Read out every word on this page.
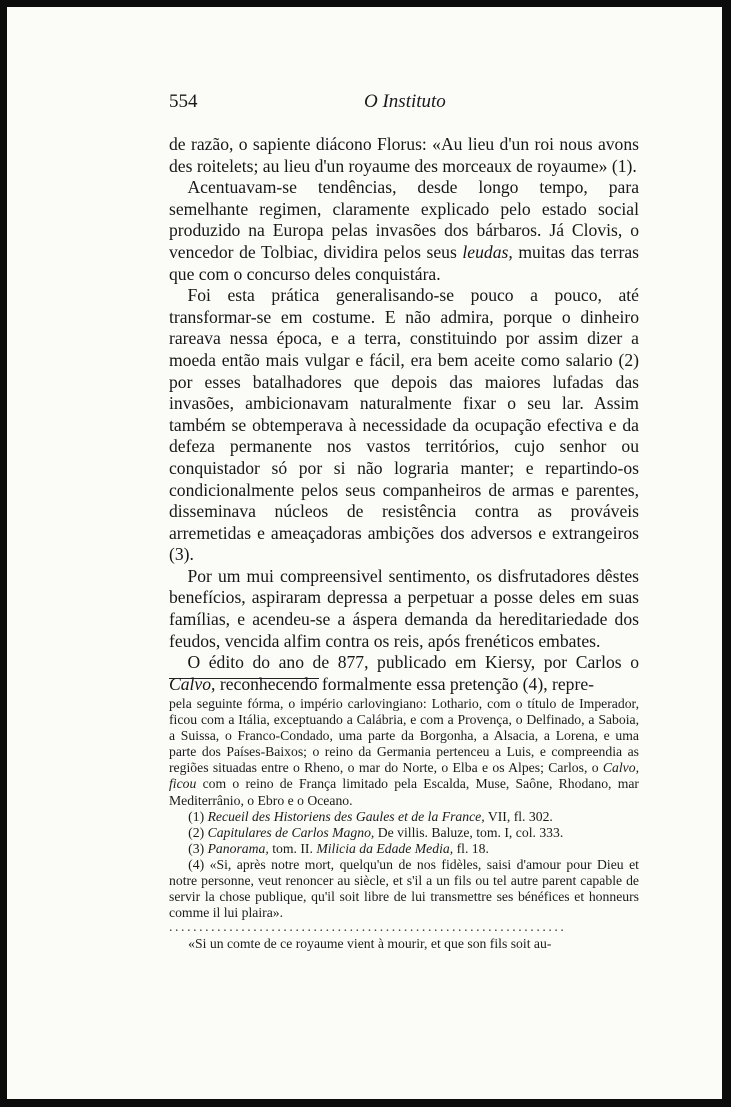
554	O Instituto

de razão, o sapiente diácono Florus: «Au lieu d'un roi nous avons des roitelets; au lieu d'un royaume des morceaux de royaume» (1).

Acentuavam-se tendências, desde longo tempo, para semelhante regimen, claramente explicado pelo estado social produzido na Europa pelas invasões dos bárbaros. Já Clovis, o vencedor de Tolbiac, dividira pelos seus leudas, muitas das terras que com o concurso deles conquistára.

Foi esta prática generalisando-se pouco a pouco, até transformar-se em costume. E não admira, porque o dinheiro rareava nessa época, e a terra, constituindo por assim dizer a moeda então mais vulgar e fácil, era bem aceite como salario (2) por esses batalhadores que depois das maiores lufadas das invasões, ambicionavam naturalmente fixar o seu lar. Assim também se obtemperava à necessidade da ocupação efectiva e da defeza permanente nos vastos territórios, cujo senhor ou conquistador só por si não lograria manter; e repartindo-os condicionalmente pelos seus companheiros de armas e parentes, disseminava núcleos de resistência contra as prováveis arremetidas e ameaçadoras ambições dos adversos e extrangeiros (3).

Por um mui compreensivel sentimento, os disfrutadores dêstes benefícios, aspiraram depressa a perpetuar a posse deles em suas famílias, e acendeu-se a áspera demanda da hereditariedade dos feudos, vencida alfim contra os reis, após frenéticos embates.

O édito do ano de 877, publicado em Kiersy, por Carlos o Calvo, reconhecendo formalmente essa pretenção (4), repre-

pela seguinte fórma, o império carlovingiano: Lothario, com o título de Imperador, ficou com a Itália, exceptuando a Calábria, e com a Provença, o Delfinado, a Saboia, a Suissa, o Franco-Condado, uma parte da Borgonha, a Alsacia, a Lorena, e uma parte dos Países-Baixos; o reino da Germania pertenceu a Luis, e compreendia as regiões situadas entre o Rheno, o mar do Norte, o Elba e os Alpes; Carlos, o Calvo, ficou com o reino de França limitado pela Escalda, Muse, Saône, Rhodano, mar Mediterrânio, o Ebro e o Oceano.

(1) Recueil des Historiens des Gaules et de la France, VII, fl. 302.

(2) Capitulares de Carlos Magno, De villis. Baluze, tom. I, col. 333.

(3) Panorama, tom. II. Milicia da Edade Media, fl. 18.

(4) «Si, après notre mort, quelqu'un de nos fidèles, saisi d'amour pour Dieu et notre personne, veut renoncer au siècle, et s'il a un fils ou tel autre parent capable de servir la chose publique, qu'il soit libre de lui transmettre ses bénéfices et honneurs comme il lui plaira».

..................................................................

«Si un comte de ce royaume vient à mourir, et que son fils soit au-
